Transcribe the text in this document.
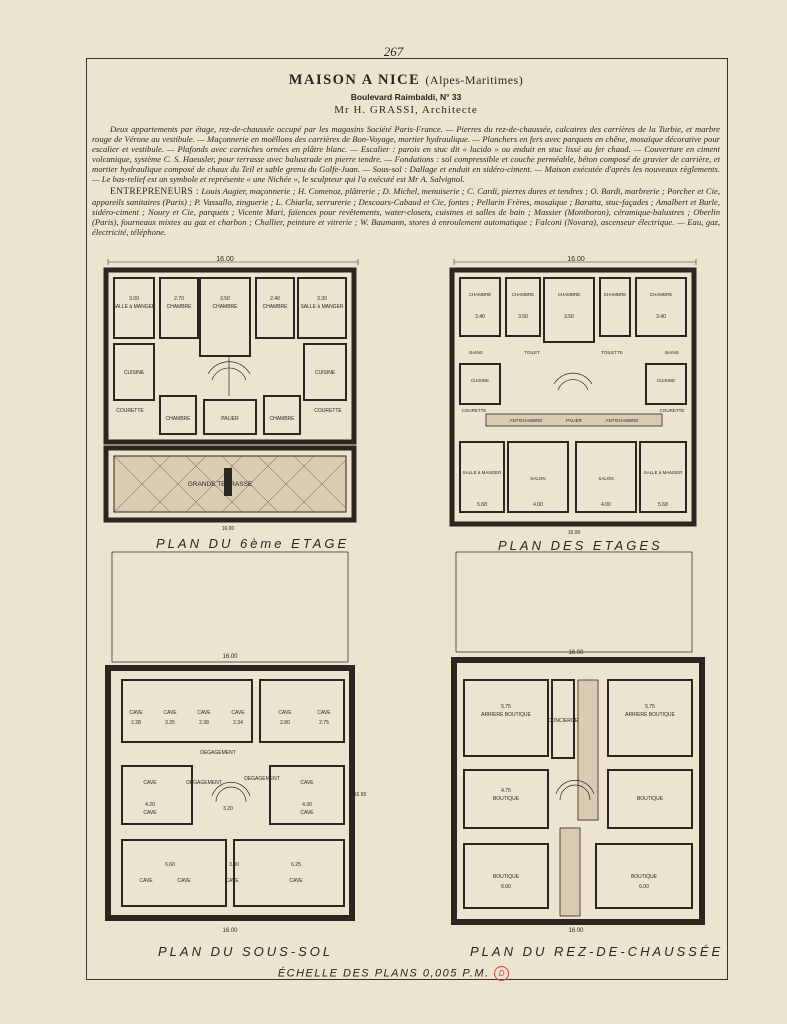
267
MAISON A NICE (Alpes-Maritimes)
Boulevard Raimbaldi, N° 33
Mr H. GRASSI, Architecte

Deux appartements par étage, rez-de-chaussée occupé par les magasins Société Paris-France. — Pierres du rez-de-chaussée, calcaires des carrières de la Turbie, et marbre rouge de Vérone au vestibule. — Maçonnerie en moëllons des carrières de Bon-Voyage, mortier hydraulique. — Planchers en fers avec parquets en chêne, mosaïque décorative pour escalier et vestibule. — Plafonds avec corniches ornées en plâtre blanc. — Escalier : parois en stuc dit « lucido » ou enduit en stuc lissé au fer chaud. — Couverture en ciment volcanique, système C. S. Haeusler, pour terrasse avec balustrade en pierre tendre. — Fondations : sol compressible et couche perméable, béton composé de gravier de carrière, et mortier hydraulique composé de chaux du Teil et sable grenu du Golfe-Juan. — Sous-sol : Dallage et enduit en sidéro-ciment. — Maison exécutée d'après les nouveaux règlements. — Le bas-relief est un symbole et représente « une Nichée », le sculpteur qui l'a exécuté est Mr A. Salvignol.

ENTREPRENEURS : Louis Augier, maçonnerie ; H. Comenoz, plâtrerie ; D. Michel, menuiserie ; C. Cardi, pierres dures et tendres ; O. Bardi, marbrerie ; Porcher et Cie, appareils sanitaires (Paris) ; P. Vassallo, zinguerie ; L. Chiarla, serrurerie ; Descours-Cabaud et Cie, fontes ; Pellarin Frères, mosaïque ; Baratta, stuc-façades ; Amalbert et Burle, sidéro-ciment ; Noury et Cie, parquets ; Vicente Mari, faïences pour revêtements, water-closets, cuisines et salles de bain ; Massier (Montboron), céramique-balustres ; Oberlin (Paris), fourneaux mixtes au gaz et charbon ; Challier, peinture et vitrerie ; W. Baumann, stores à enroulement automatique ; Falconi (Novara), ascenseur électrique. — Eau, gaz, électricité, téléphone.

16.00
SALLE à MANGER CHAMBRE	CHAMBRE	CHAMBRE	SALLE à MANGER
CUISINE	CUISINE
CHAMBRE	CHAMBRE
PALIER
COURETTE	COURETTE
GRANDE TERRASSE
3.00	2.70	3.50	2.40	3.30
16.00
PLAN DU 6ème ETAGE
16.00
CHAMBRE	CHAMBRE	CHAMBRE	CHAMBRE	CHAMBRE
CUISINE	CUISINE
TOILET	TOILETTE
BAINS	BAINS
ANTICHAMBRE	ANTICHAMBRE
PALIER
SALLE à MANGER
SALON	SALON
SALLE à MANGER
COURETTE	COURETTE
3.40	3.50	3.50	3.40
5.68	4.00	4.00	5.68
16.00
PLAN DES ETAGES
16.00
CAVE	CAVE	CAVE	CAVE	CAVE	CAVE
DEGAGEMENT
CAVE
CAVE
DEGAGEMENT
DEGAGEMENT
CAVE
CAVE
CAVE	CAVE	CAVE
CAVE
2.28	3.25	2.38	2.34	2.80	2.75
4.20
3.20
4.30
6.60	3.00	6.25
16.95
16.00
PLAN DU SOUS-SOL
16.00
ARRIERE BOUTIQUE
CONCIERGE
ARRIERE BOUTIQUE
BOUTIQUE	BOUTIQUE
BOUTIQUE	BOUTIQUE
5.75	5.75
4.75
6.60	6.00
16.00
PLAN DU REZ-DE-CHAUSSÉE
ÉCHELLE DES PLANS 0,005 P.M. D
